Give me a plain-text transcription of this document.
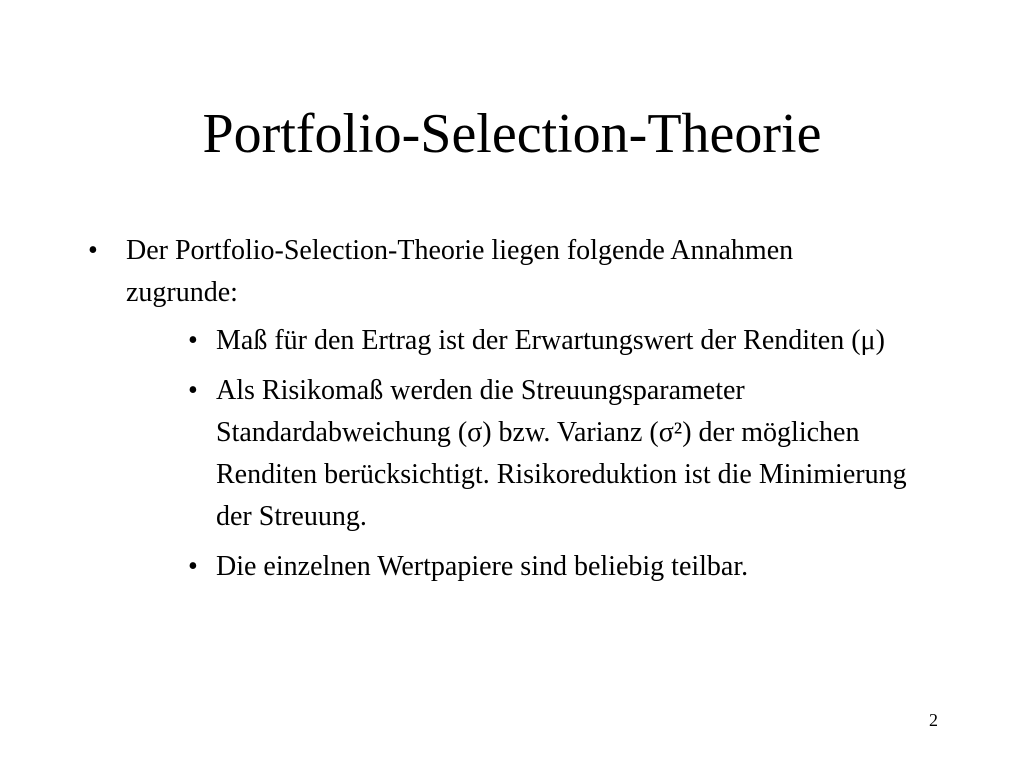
Portfolio-Selection-Theorie
•	Der Portfolio-Selection-Theorie liegen folgende Annahmen zugrunde:
• Maß für den Ertrag ist der Erwartungswert der Renditen (μ)
• Als Risikomaß werden die Streuungsparameter Standardabweichung (σ) bzw. Varianz (σ²) der möglichen Renditen berücksichtigt. Risikoreduktion ist die Minimierung der Streuung.
• Die einzelnen Wertpapiere sind beliebig teilbar.
2
